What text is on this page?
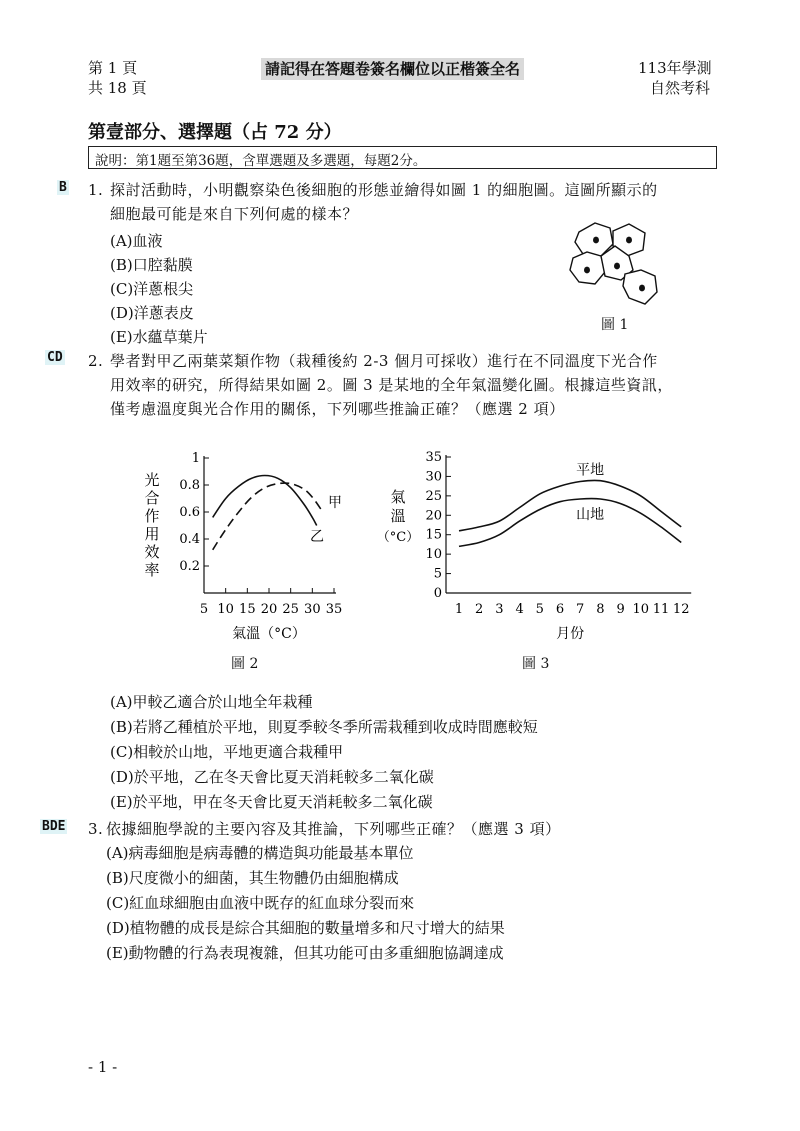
第 1 頁
共 18 頁
請記得在答題卷簽名欄位以正楷簽全名	113年學測
自然考科
第壹部分、選擇題（占 72 分）
說明：第1題至第36題，含單選題及多選題，每題2分。
B 1. 探討活動時，小明觀察染色後細胞的形態並繪得如圖 1 的細胞圖。這圖所顯示的
細胞最可能是來自下列何處的樣本？
(A)血液
(B)口腔黏膜
(C)洋蔥根尖
(D)洋蔥表皮
(E)水蘊草葉片
圖 1
CD 2. 學者對甲乙兩葉菜類作物（栽種後約 2-3 個月可採收）進行在不同溫度下光合作
用效率的研究，所得結果如圖 2。圖 3 是某地的全年氣溫變化圖。根據這些資訊，
僅考慮溫度與光合作用的關係，下列哪些推論正確？（應選 2 項）
0.2
0.4
0.6
0.8
1
5 10 15 20 25 30 35
光
合
作
用
效
率
氣溫（°C）
乙
甲
圖 2
0
5
10
15
20
25
30
35
1 2 3 4 5 6 7 8 9 10 11 12
氣
溫
（°C）
月份
平地
山地
圖 3
(A)甲較乙適合於山地全年栽種
(B)若將乙種植於平地，則夏季較冬季所需栽種到收成時間應較短
(C)相較於山地，平地更適合栽種甲
(D)於平地，乙在冬天會比夏天消耗較多二氧化碳
(E)於平地，甲在冬天會比夏天消耗較多二氧化碳
BDE 3. 依據細胞學說的主要內容及其推論，下列哪些正確？（應選 3 項）
(A)病毒細胞是病毒體的構造與功能最基本單位
(B)尺度微小的細菌，其生物體仍由細胞構成
(C)紅血球細胞由血液中既存的紅血球分裂而來
(D)植物體的成長是綜合其細胞的數量增多和尺寸增大的結果
(E)動物體的行為表現複雜，但其功能可由多重細胞協調達成
- 1 -
